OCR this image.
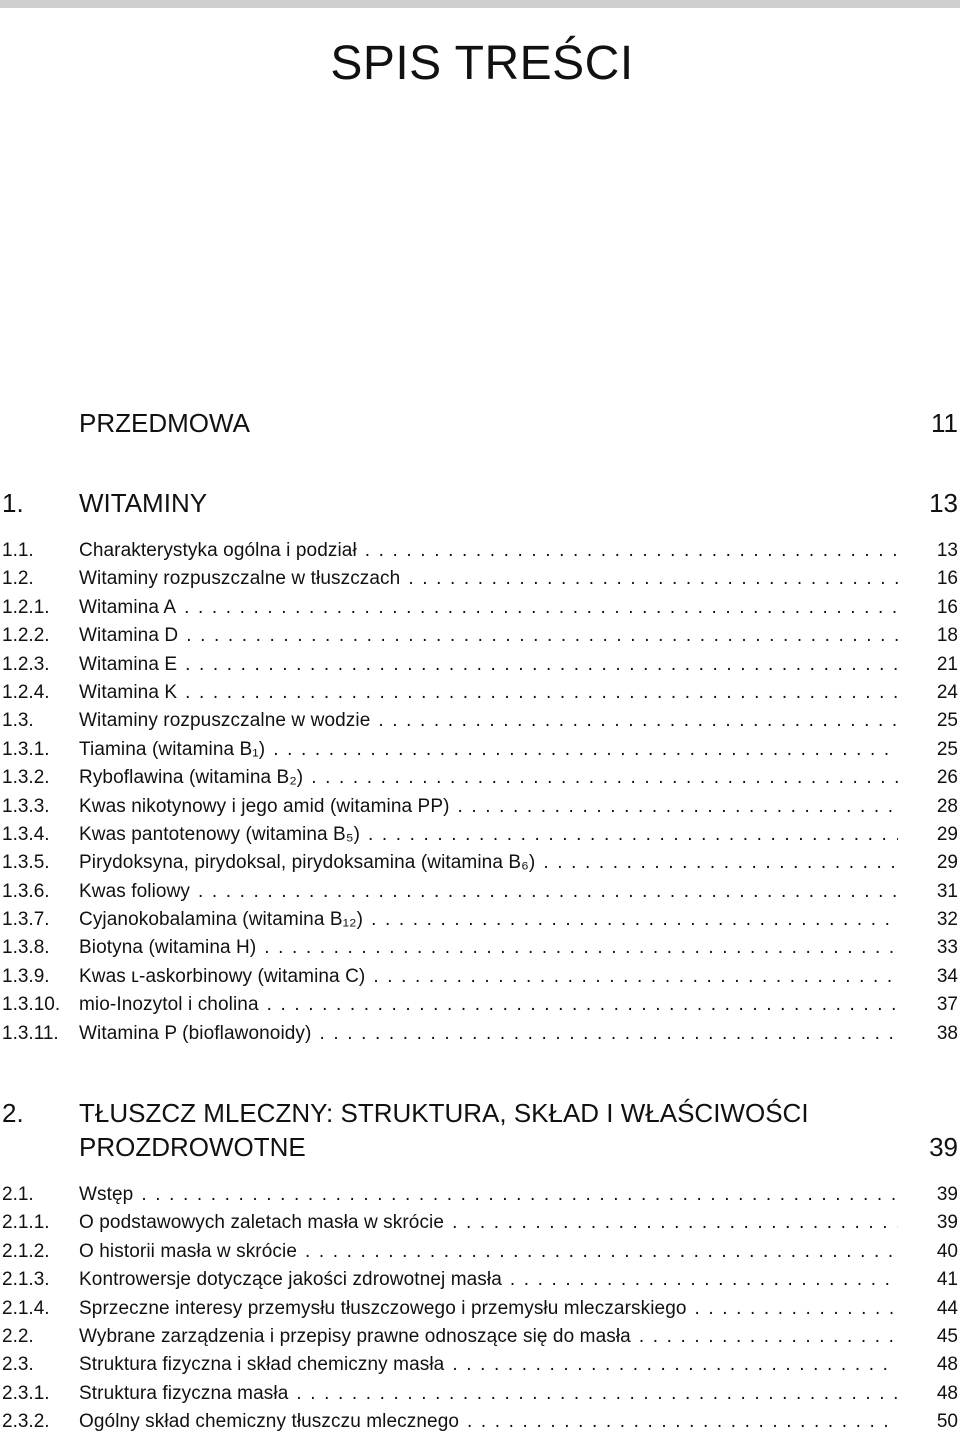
SPIS TREŚCI
PRZEDMOWA	11
1. WITAMINY	13
1.1. Charakterystyka ogólna i podział .....	13
1.2. Witaminy rozpuszczalne w tłuszczach .....	16
1.2.1. Witamina A .....	16
1.2.2. Witamina D .....	18
1.2.3. Witamina E .....	21
1.2.4. Witamina K .....	24
1.3. Witaminy rozpuszczalne w wodzie .....	25
1.3.1. Tiamina (witamina B₁) .....	25
1.3.2. Ryboflawina (witamina B₂) .....	26
1.3.3. Kwas nikotynowy i jego amid (witamina PP) .....	28
1.3.4. Kwas pantotenowy (witamina B₅) .....	29
1.3.5. Pirydoksyna, pirydoksal, pirydoksamina (witamina B₆) .....	29
1.3.6. Kwas foliowy .....	31
1.3.7. Cyjanokobalamina (witamina B₁₂) .....	32
1.3.8. Biotyna (witamina H) .....	33
1.3.9. Kwas ʟ-askorbinowy (witamina C) .....	34
1.3.10. mio-Inozytol i cholina .....	37
1.3.11. Witamina P (bioflawonoidy) .....	38
2. TŁUSZCZ MLECZNY: STRUKTURA, SKŁAD I WŁAŚCIWOŚCI
PROZDROWOTNE	39
2.1. Wstęp .....	39
2.1.1. O podstawowych zaletach masła w skrócie .....	39
2.1.2. O historii masła w skrócie .....	40
2.1.3. Kontrowersje dotyczące jakości zdrowotnej masła .....	41
2.1.4. Sprzeczne interesy przemysłu tłuszczowego i przemysłu mleczarskiego .....	44
2.2. Wybrane zarządzenia i przepisy prawne odnoszące się do masła .....	45
2.3. Struktura fizyczna i skład chemiczny masła .....	48
2.3.1. Struktura fizyczna masła .....	48
2.3.2. Ogólny skład chemiczny tłuszczu mlecznego .....	50
